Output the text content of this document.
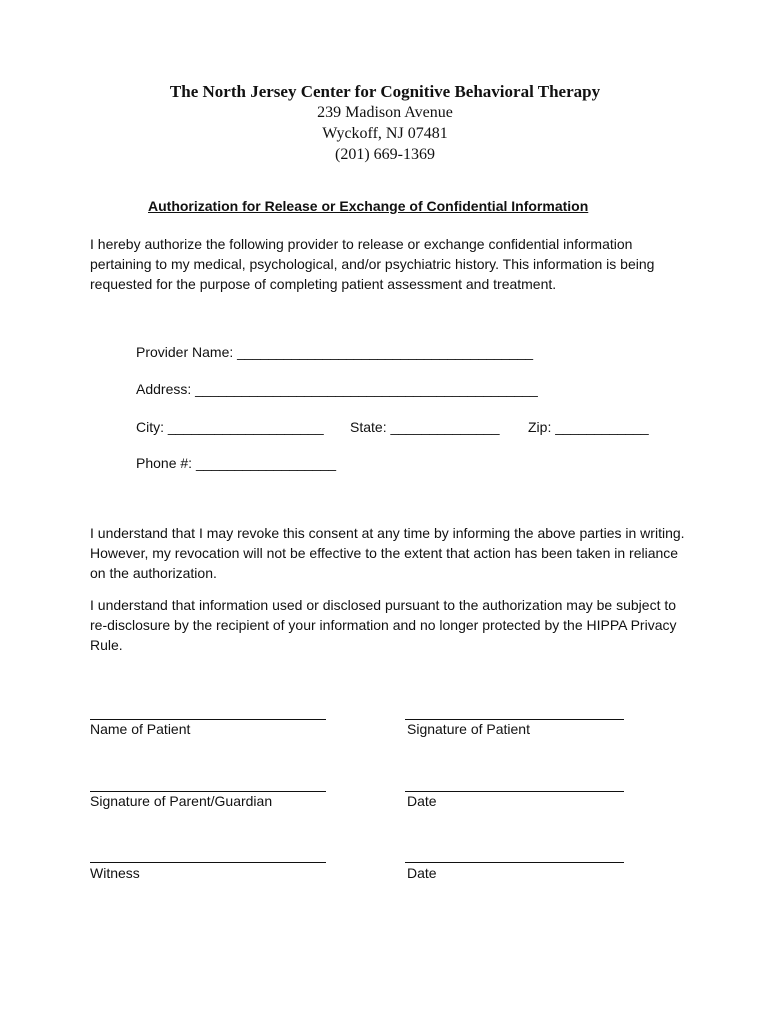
The North Jersey Center for Cognitive Behavioral Therapy
239 Madison Avenue
Wyckoff, NJ 07481
(201) 669-1369
Authorization for Release or Exchange of Confidential Information
I hereby authorize the following provider to release or exchange confidential information pertaining to my medical, psychological, and/or psychiatric history. This information is being requested for the purpose of completing patient assessment and treatment.
Provider Name: ______________________________________
Address: ____________________________________________
City: ____________________ State: ______________ Zip: ____________
Phone #: __________________
I understand that I may revoke this consent at any time by informing the above parties in writing. However, my revocation will not be effective to the extent that action has been taken in reliance on the authorization.
I understand that information used or disclosed pursuant to the authorization may be subject to re-disclosure by the recipient of your information and no longer protected by the HIPPA Privacy Rule.
Name of Patient	Signature of Patient
Signature of Parent/Guardian	Date
Witness	Date
